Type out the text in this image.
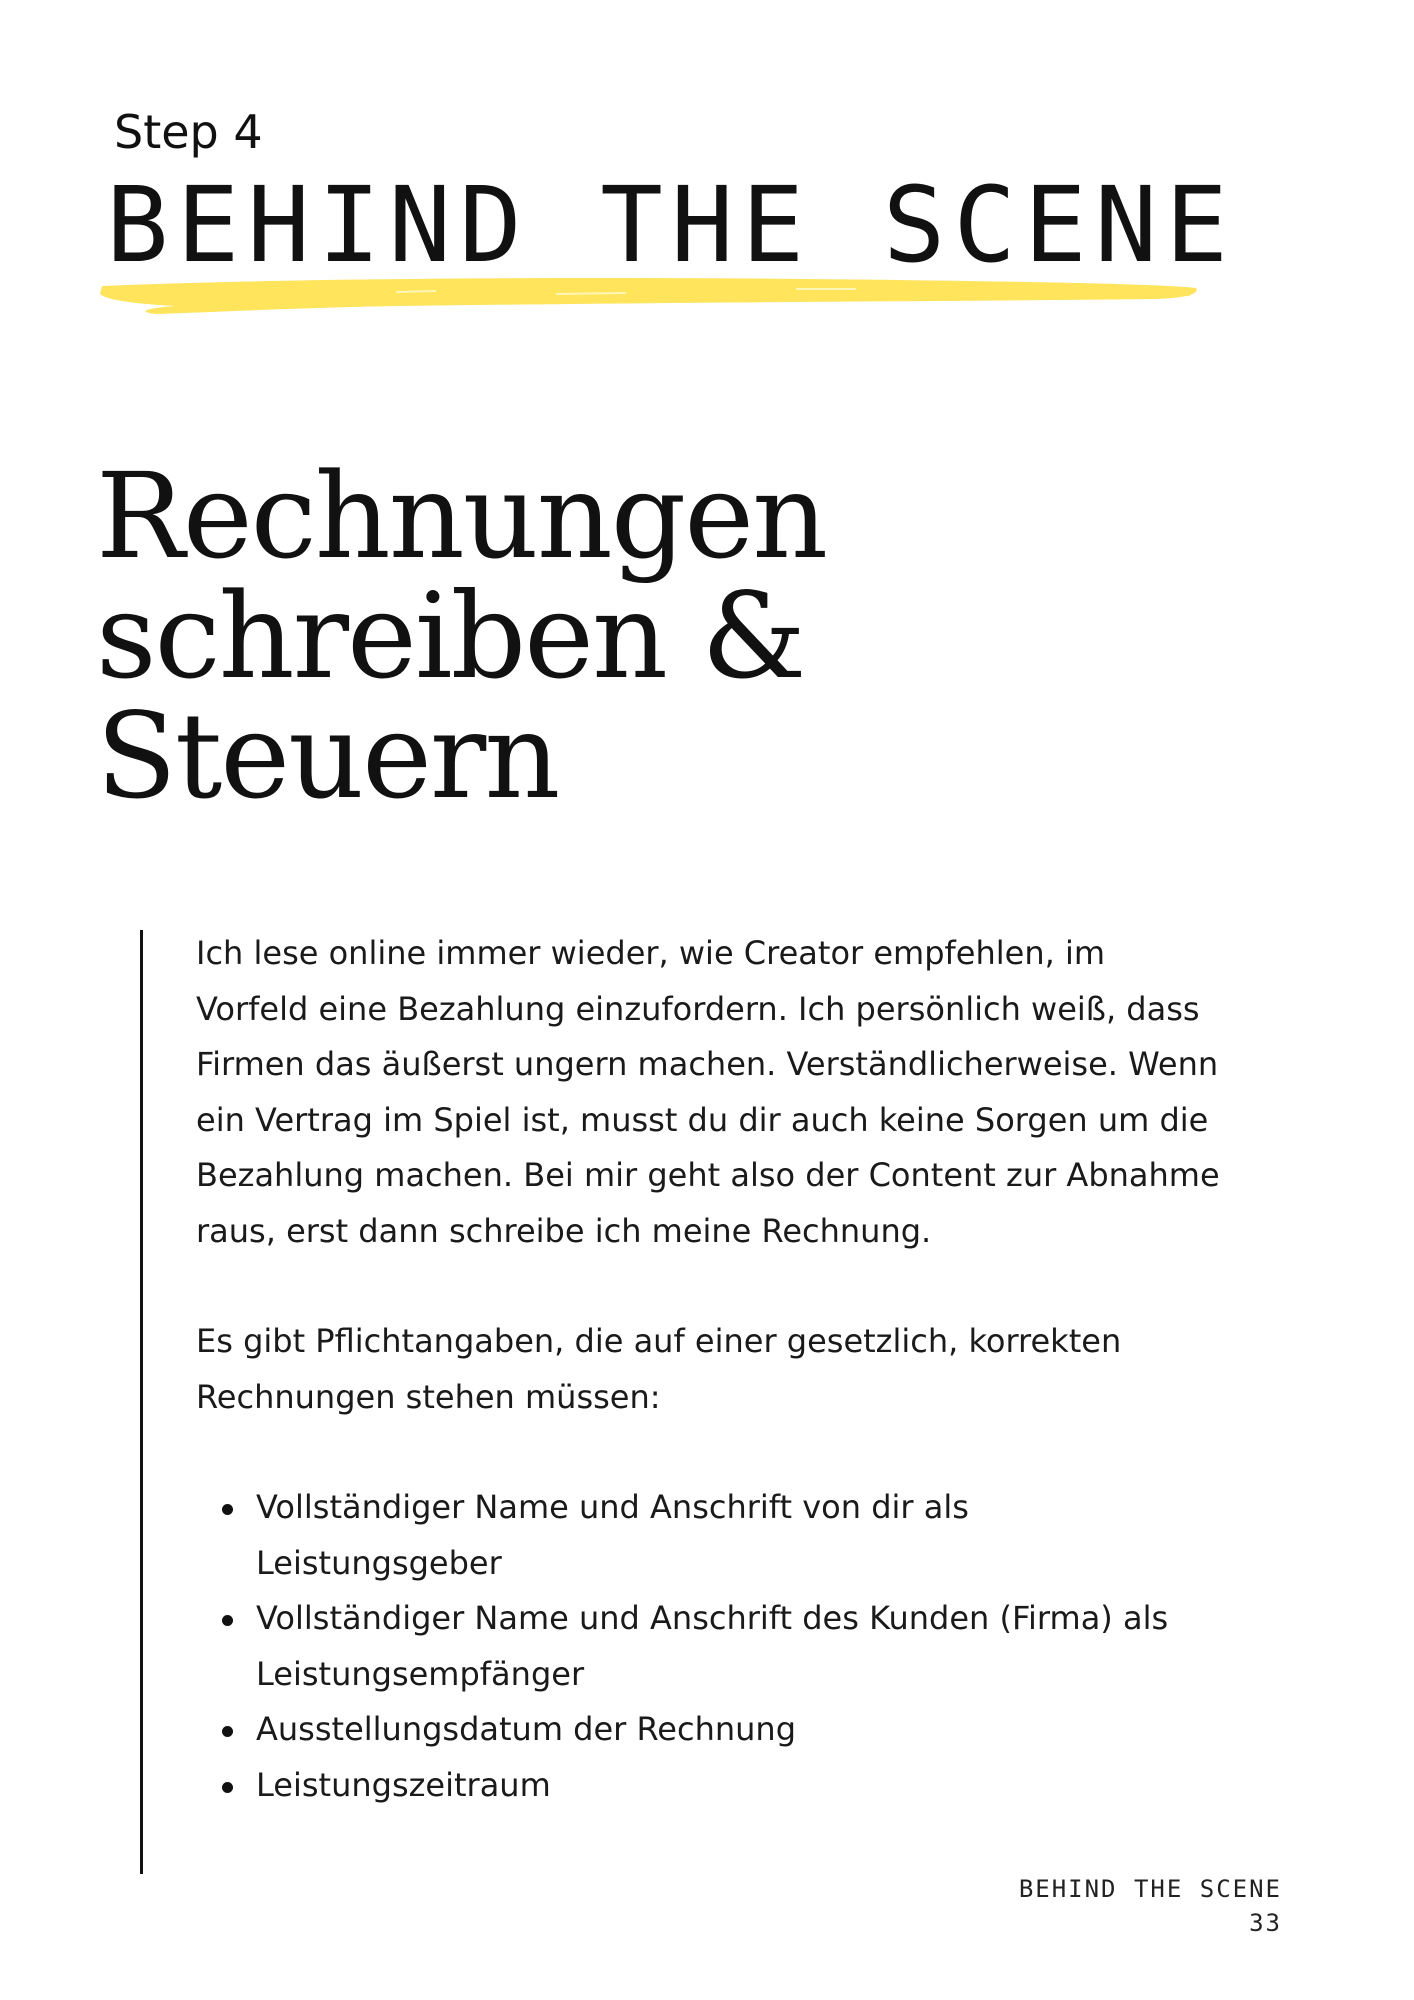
Step 4
BEHIND THE SCENE
Rechnungen
schreiben &
Steuern

Ich lese online immer wieder, wie Creator empfehlen, im

Vorfeld eine Bezahlung einzufordern. Ich persönlich weiß, dass

Firmen das äußerst ungern machen. Verständlicherweise. Wenn

ein Vertrag im Spiel ist, musst du dir auch keine Sorgen um die

Bezahlung machen. Bei mir geht also der Content zur Abnahme

raus, erst dann schreibe ich meine Rechnung.

Es gibt Pflichtangaben, die auf einer gesetzlich, korrekten

Rechnungen stehen müssen:

Vollständiger Name und Anschrift von dir als
Leistungsgeber
Vollständiger Name und Anschrift des Kunden (Firma) als
Leistungsempfänger
Ausstellungsdatum der Rechnung
Leistungszeitraum
BEHIND THE SCENE
33
